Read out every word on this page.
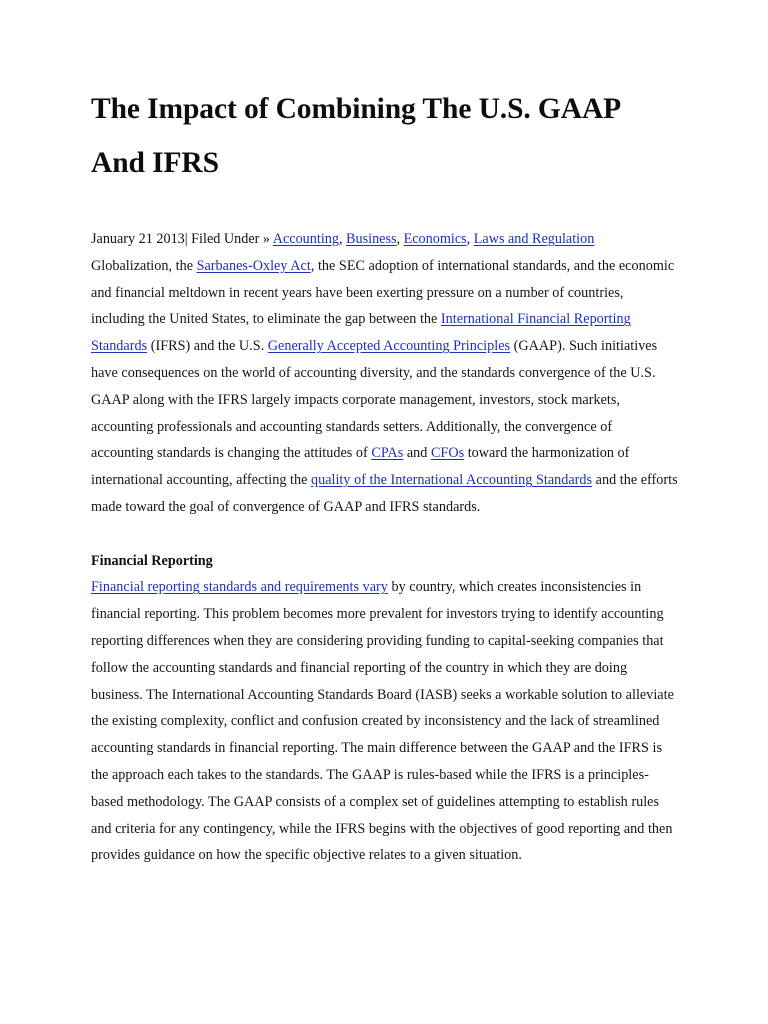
The Impact of Combining The U.S. GAAP And IFRS
January 21 2013| Filed Under » Accounting, Business, Economics, Laws and Regulation

Globalization, the Sarbanes-Oxley Act, the SEC adoption of international standards, and the economic and financial meltdown in recent years have been exerting pressure on a number of countries, including the United States, to eliminate the gap between the International Financial Reporting Standards (IFRS) and the U.S. Generally Accepted Accounting Principles (GAAP). Such initiatives have consequences on the world of accounting diversity, and the standards convergence of the U.S. GAAP along with the IFRS largely impacts corporate management, investors, stock markets, accounting professionals and accounting standards setters. Additionally, the convergence of accounting standards is changing the attitudes of CPAs and CFOs toward the harmonization of international accounting, affecting the quality of the International Accounting Standards and the efforts made toward the goal of convergence of GAAP and IFRS standards.

Financial Reporting

Financial reporting standards and requirements vary by country, which creates inconsistencies in financial reporting. This problem becomes more prevalent for investors trying to identify accounting reporting differences when they are considering providing funding to capital-seeking companies that follow the accounting standards and financial reporting of the country in which they are doing business. The International Accounting Standards Board (IASB) seeks a workable solution to alleviate the existing complexity, conflict and confusion created by inconsistency and the lack of streamlined accounting standards in financial reporting. The main difference between the GAAP and the IFRS is the approach each takes to the standards. The GAAP is rules-based while the IFRS is a principles-based methodology. The GAAP consists of a complex set of guidelines attempting to establish rules and criteria for any contingency, while the IFRS begins with the objectives of good reporting and then provides guidance on how the specific objective relates to a given situation.
